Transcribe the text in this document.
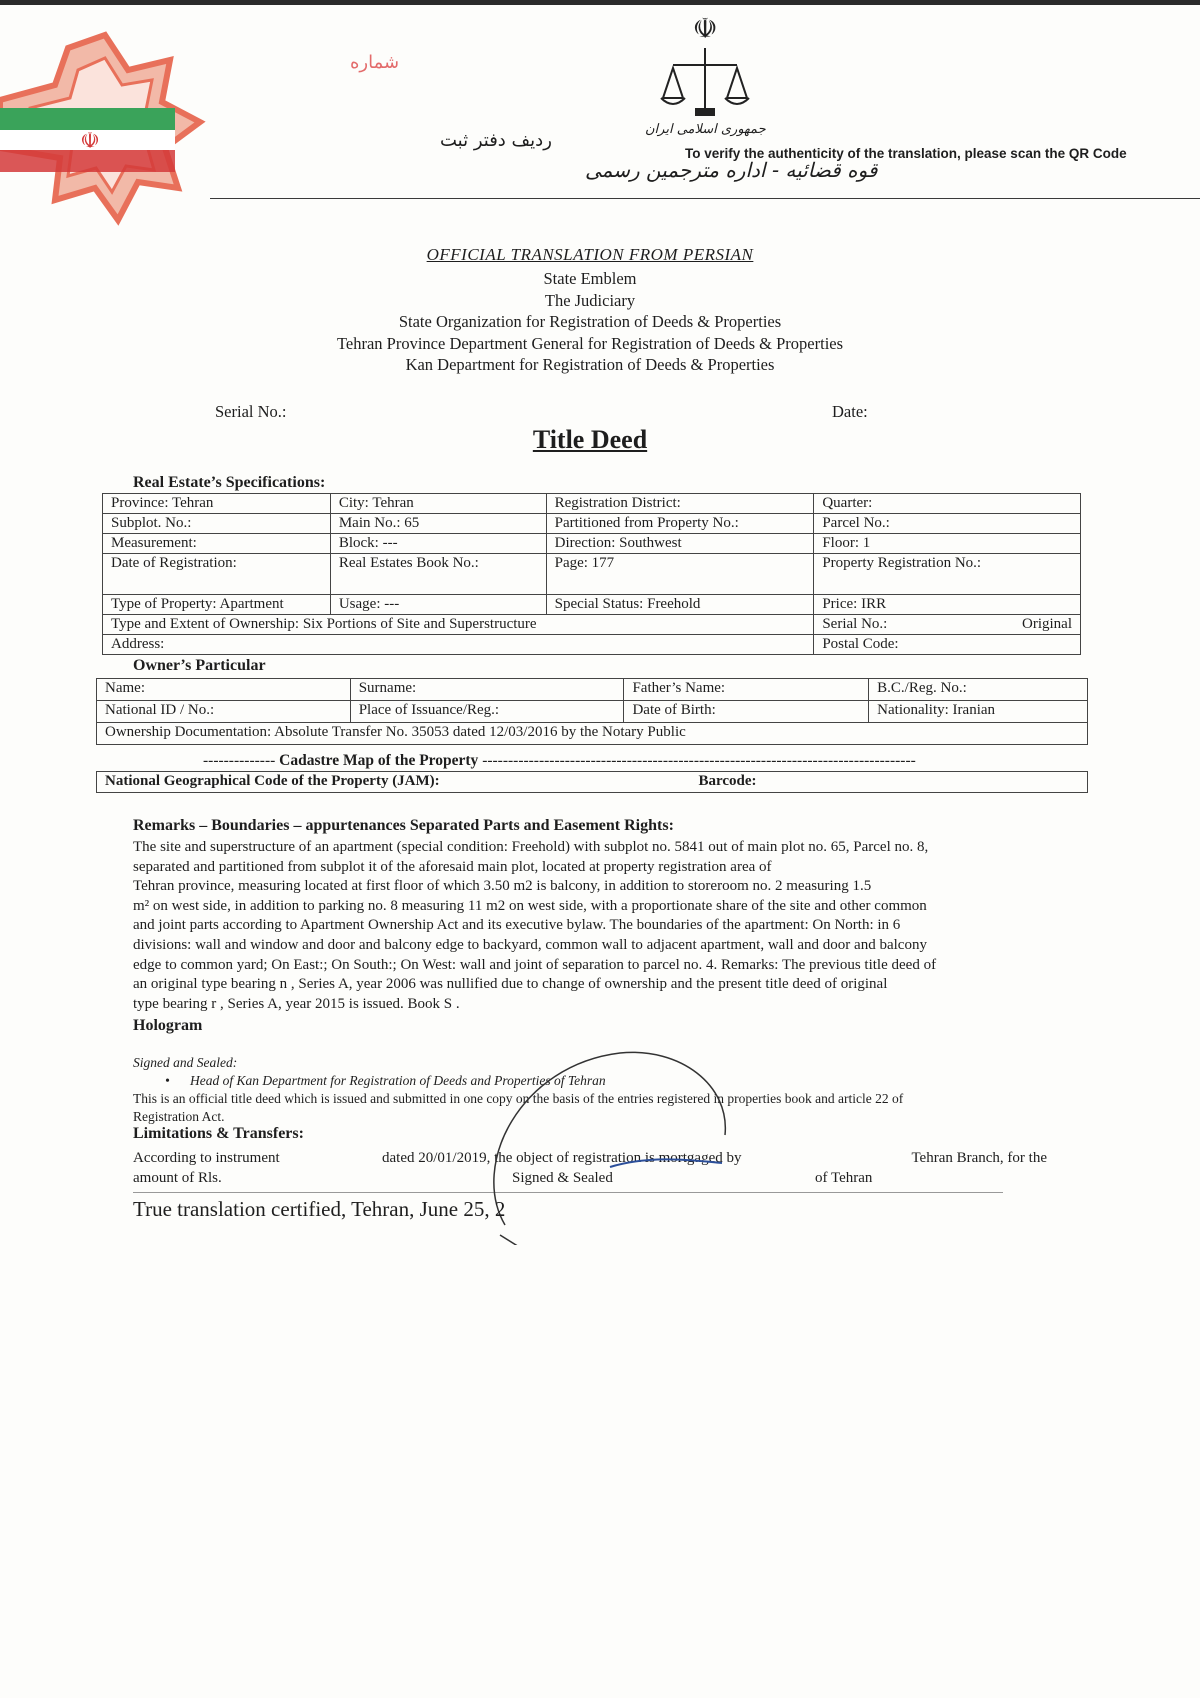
☫
شماره
ردیف دفتر ثبت
☫
جمهوری اسلامی ایران
قوه قضائیه - اداره مترجمین رسمی
To verify the authenticity of the translation, please scan the QR Code
OFFICIAL TRANSLATION FROM PERSIAN
State Emblem
The Judiciary
State Organization for Registration of Deeds & Properties
Tehran Province Department General for Registration of Deeds & Properties
Kan Department for Registration of Deeds & Properties
Serial No.:	Date:
Title Deed
Real Estate’s Specifications:
Province: Tehran	City: Tehran	Registration District:	Quarter:
Subplot. No.:	Main No.: 65	Partitioned from Property No.:	Parcel No.:
Measurement:	Block: ---	Direction: Southwest	Floor: 1
Date of Registration:	Real Estates Book No.:	Page: 177	Property Registration No.:
Type of Property: Apartment	Usage: ---	Special Status: Freehold	Price: IRR
Type and Extent of Ownership: Six Portions of Site and Superstructure			Serial No.: Original

Address:			Postal Code:
Owner’s Particular
Name:	Surname:	Father’s Name:	B.C./Reg. No.:
National ID / No.:	Place of Issuance/Reg.:	Date of Birth:	Nationality: Iranian
Ownership Documentation: Absolute Transfer No. 35053 dated 12/03/2016 by the Notary Public			
-------------- Cadastre Map of the Property ------------------------------------------------------------------------------------
National Geographical Code of the Property (JAM):	Barcode:
Remarks – Boundaries – appurtenances Separated Parts and Easement Rights:
The site and superstructure of an apartment (special condition: Freehold) with subplot no. 5841 out of main plot no. 65, Parcel no. 8,
separated and partitioned from subplot it of the aforesaid main plot, located at property registration area of
Tehran province, measuring located at first floor of which 3.50 m2 is balcony, in addition to storeroom no. 2 measuring 1.5
m² on west side, in addition to parking no. 8 measuring 11 m2 on west side, with a proportionate share of the site and other common
and joint parts according to Apartment Ownership Act and its executive bylaw. The boundaries of the apartment: On North: in 6
divisions: wall and window and door and balcony edge to backyard, common wall to adjacent apartment, wall and door and balcony
edge to common yard; On East:; On South:; On West: wall and joint of separation to parcel no. 4. Remarks: The previous title deed of
an original type bearing n , Series A, year 2006 was nullified due to change of ownership and the present title deed of original
type bearing r , Series A, year 2015 is issued. Book S .
Hologram
Signed and Sealed:
•      Head of Kan Department for Registration of Deeds and Properties of Tehran
This is an official title deed which is issued and submitted in one copy on the basis of the entries registered in properties book and article 22 of
Registration Act.
Limitations & Transfers:
According to instrument
amount of Rls.
dated 20/01/2019, the object of registration is mortgaged by
Signed & Sealed
Tehran Branch, for the
of Tehran
True translation certified, Tehran, June 25, 2
